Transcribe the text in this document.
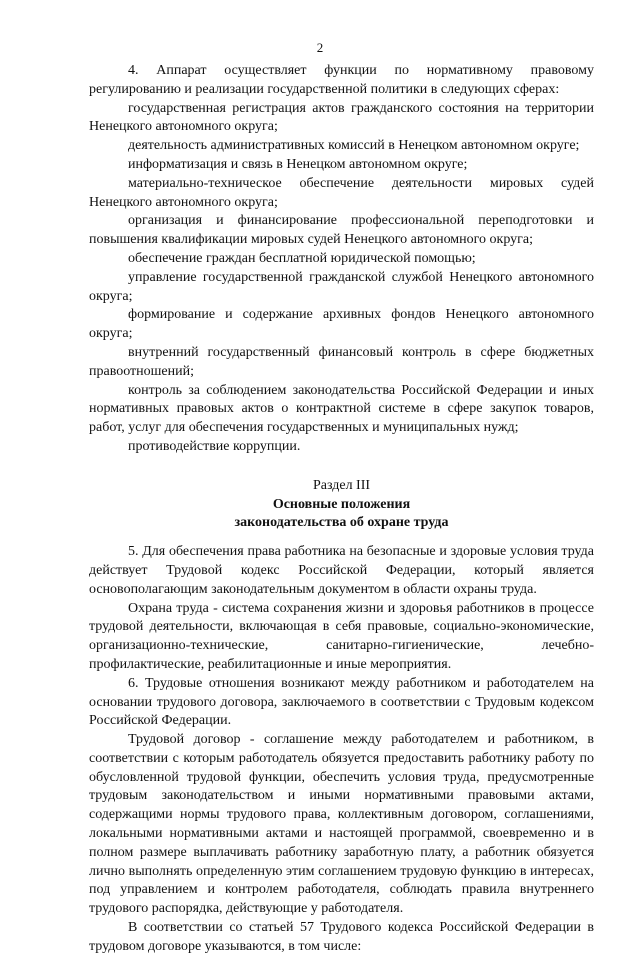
2

4. Аппарат осуществляет функции по нормативному правовому регулированию и реализации государственной политики в следующих сферах:

государственная регистрация актов гражданского состояния на территории Ненецкого автономного округа;

деятельность административных комиссий в Ненецком автономном округе;

информатизация и связь в Ненецком автономном округе;

материально-техническое обеспечение деятельности мировых судей Ненецкого автономного округа;

организация и финансирование профессиональной переподготовки и повышения квалификации мировых судей Ненецкого автономного округа;

обеспечение граждан бесплатной юридической помощью;

управление государственной гражданской службой Ненецкого автономного округа;

формирование и содержание архивных фондов Ненецкого автономного округа;

внутренний государственный финансовый контроль в сфере бюджетных правоотношений;

контроль за соблюдением законодательства Российской Федерации и иных нормативных правовых актов о контрактной системе в сфере закупок товаров, работ, услуг для обеспечения государственных и муниципальных нужд;

противодействие коррупции.

Раздел III
Основные положения
законодательства об охране труда

5. Для обеспечения права работника на безопасные и здоровые условия труда действует Трудовой кодекс Российской Федерации, который является основополагающим законодательным документом в области охраны труда.

Охрана труда - система сохранения жизни и здоровья работников в процессе трудовой деятельности, включающая в себя правовые, социально-экономические, организационно-технические, санитарно-гигиенические, лечебно-профилактические, реабилитационные и иные мероприятия.

6. Трудовые отношения возникают между работником и работодателем на основании трудового договора, заключаемого в соответствии с Трудовым кодексом Российской Федерации.

Трудовой договор - соглашение между работодателем и работником, в соответствии с которым работодатель обязуется предоставить работнику работу по обусловленной трудовой функции, обеспечить условия труда, предусмотренные трудовым законодательством и иными нормативными правовыми актами, содержащими нормы трудового права, коллективным договором, соглашениями, локальными нормативными актами и настоящей программой, своевременно и в полном размере выплачивать работнику заработную плату, а работник обязуется лично выполнять определенную этим соглашением трудовую функцию в интересах, под управлением и контролем работодателя, соблюдать правила внутреннего трудового распорядка, действующие у работодателя.

В соответствии со статьей 57 Трудового кодекса Российской Федерации в трудовом договоре указываются, в том числе:
